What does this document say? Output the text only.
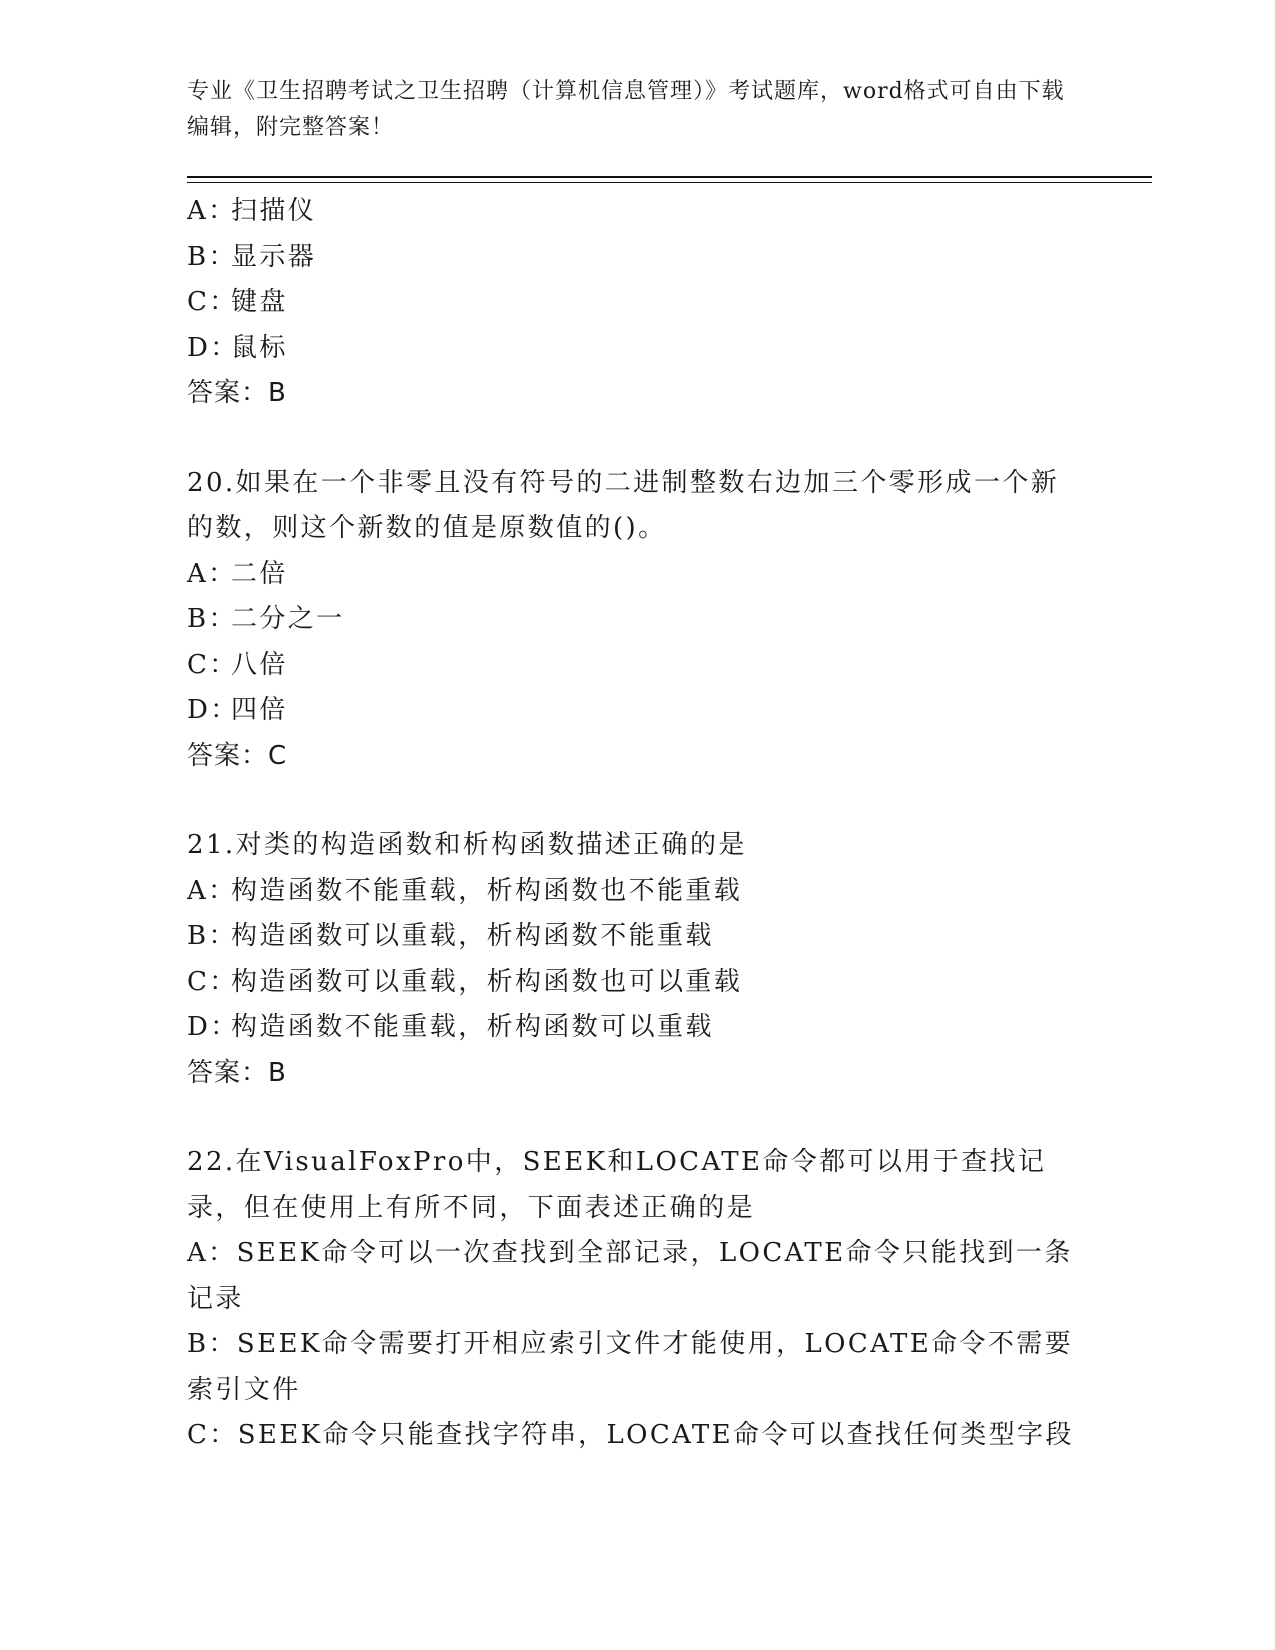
专业《卫生招聘考试之卫生招聘（计算机信息管理）》考试题库，word格式可自由下载编辑，附完整答案！
A：扫描仪
B：显示器
C：键盘
D：鼠标
答案：B
20.如果在一个非零且没有符号的二进制整数右边加三个零形成一个新的数，则这个新数的值是原数值的()。
A：二倍
B：二分之一
C：八倍
D：四倍
答案：C
21.对类的构造函数和析构函数描述正确的是
A：构造函数不能重载，析构函数也不能重载
B：构造函数可以重载，析构函数不能重载
C：构造函数可以重载，析构函数也可以重载
D：构造函数不能重载，析构函数可以重载
答案：B
22.在VisualFoxPro中，SEEK和LOCATE命令都可以用于查找记录，但在使用上有所不同，下面表述正确的是
A：SEEK命令可以一次查找到全部记录，LOCATE命令只能找到一条记录
B：SEEK命令需要打开相应索引文件才能使用，LOCATE命令不需要索引文件
C：SEEK命令只能查找字符串，LOCATE命令可以查找任何类型字段
